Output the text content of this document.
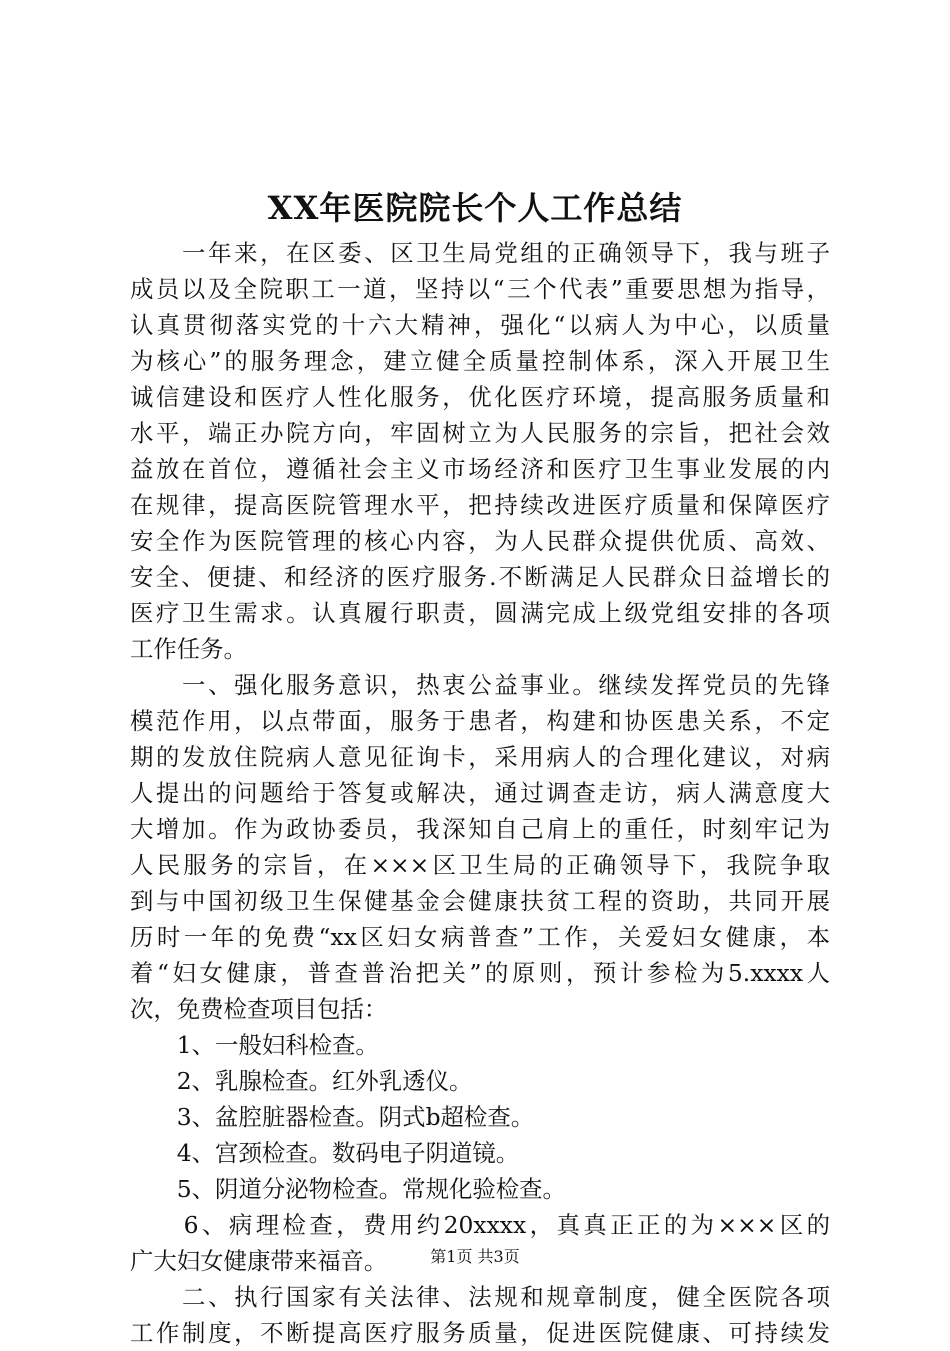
XX年医院院长个人工作总结
　　一年来，在区委、区卫生局党组的正确领导下，我与班子
成员以及全院职工一道，坚持以“三个代表”重要思想为指导，
认真贯彻落实党的十六大精神，强化“以病人为中心，以质量
为核心”的服务理念，建立健全质量控制体系，深入开展卫生
诚信建设和医疗人性化服务，优化医疗环境，提高服务质量和
水平，端正办院方向，牢固树立为人民服务的宗旨，把社会效
益放在首位，遵循社会主义市场经济和医疗卫生事业发展的内
在规律，提高医院管理水平，把持续改进医疗质量和保障医疗
安全作为医院管理的核心内容，为人民群众提供优质、高效、
安全、便捷、和经济的医疗服务.不断满足人民群众日益增长的
医疗卫生需求。认真履行职责，圆满完成上级党组安排的各项
工作任务。
　　一、强化服务意识，热衷公益事业。继续发挥党员的先锋
模范作用，以点带面，服务于患者，构建和协医患关系，不定
期的发放住院病人意见征询卡，采用病人的合理化建议，对病
人提出的问题给于答复或解决，通过调查走访，病人满意度大
大增加。作为政协委员，我深知自己肩上的重任，时刻牢记为
人民服务的宗旨，在×××区卫生局的正确领导下，我院争取
到与中国初级卫生保健基金会健康扶贫工程的资助，共同开展
历时一年的免费“xx区妇女病普查”工作，关爱妇女健康，本
着“妇女健康，普查普治把关”的原则，预计参检为5.xxxx人
次，免费检查项目包括：
　　1、一般妇科检查。
　　2、乳腺检查。红外乳透仪。
　　3、盆腔脏器检查。阴式b超检查。
　　4、宫颈检查。数码电子阴道镜。
　　5、阴道分泌物检查。常规化验检查。
　　6、病理检查，费用约20xxxx，真真正正的为×××区的
广大妇女健康带来福音。
　　二、执行国家有关法律、法规和规章制度，健全医院各项
工作制度，不断提高医疗服务质量，促进医院健康、可持续发
第1页 共3页
